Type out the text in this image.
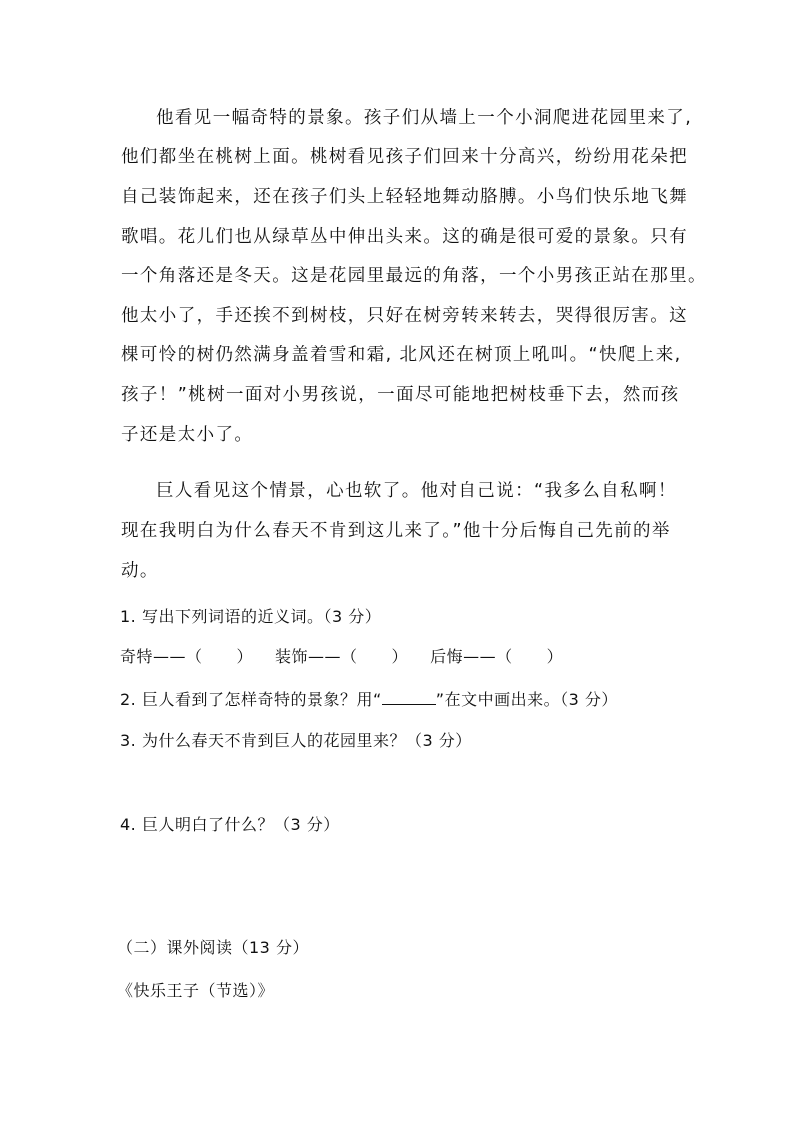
他看见一幅奇特的景象。孩子们从墙上一个小洞爬进花园里来了,
他们都坐在桃树上面。桃树看见孩子们回来十分高兴，纷纷用花朵把
自己装饰起来，还在孩子们头上轻轻地舞动胳膊。小鸟们快乐地飞舞
歌唱。花儿们也从绿草丛中伸出头来。这的确是很可爱的景象。只有
一个角落还是冬天。这是花园里最远的角落，一个小男孩正站在那里。
他太小了，手还挨不到树枝，只好在树旁转来转去，哭得很厉害。这
棵可怜的树仍然满身盖着雪和霜, 北风还在树顶上吼叫。“快爬上来,
孩子！”桃树一面对小男孩说，一面尽可能地把树枝垂下去，然而孩
子还是太小了。
巨人看见这个情景，心也软了。他对自己说：“我多么自私啊！
现在我明白为什么春天不肯到这儿来了。”他十分后悔自己先前的举
动。
1. 写出下列词语的近义词。（3 分）
奇特——（ ） 装饰——（ ） 后悔——（ ）
2. 巨人看到了怎样奇特的景象？用“	”在文中画出来。（3 分）
3. 为什么春天不肯到巨人的花园里来？（3 分）
4. 巨人明白了什么？（3 分）
（二）课外阅读（13 分）
《快乐王子（节选）》
